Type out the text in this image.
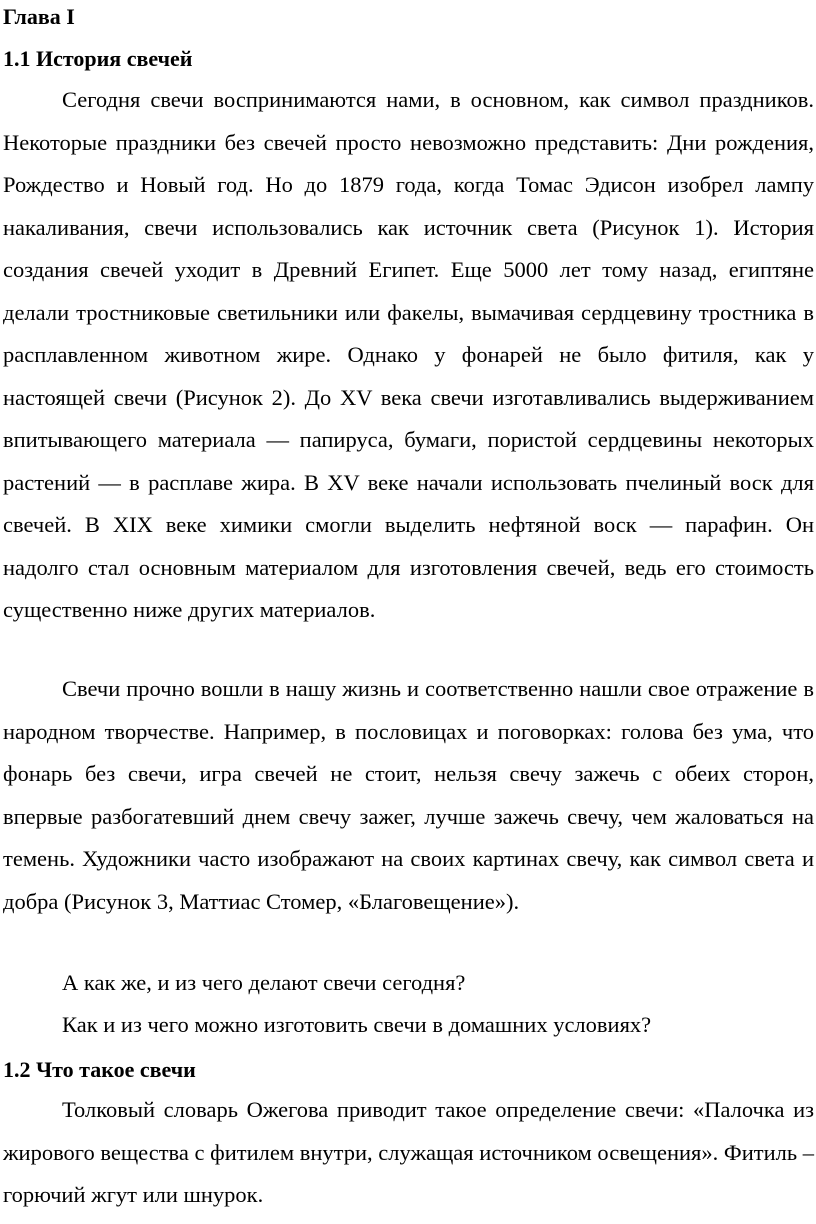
Глава I
1.1 История свечей

Сегодня свечи воспринимаются нами, в основном, как символ праздников. Некоторые праздники без свечей просто невозможно представить: Дни рождения, Рождество и Новый год. Но до 1879 года, когда Томас Эдисон изобрел лампу накаливания, свечи использовались как источник света (Рисунок 1). История создания свечей уходит в Древний Египет. Еще 5000 лет тому назад, египтяне делали тростниковые светильники или факелы, вымачивая сердцевину тростника в расплавленном животном жире. Однако у фонарей не было фитиля, как у настоящей свечи (Рисунок 2). До XV века свечи изготавливались выдерживанием впитывающего материала — папируса, бумаги, пористой сердцевины некоторых растений — в расплаве жира. В XV веке начали использовать пчелиный воск для свечей. В XIX веке химики смогли выделить нефтяной воск — парафин. Он надолго стал основным материалом для изготовления свечей, ведь его стоимость существенно ниже других материалов.

Свечи прочно вошли в нашу жизнь и соответственно нашли свое отражение в народном творчестве. Например, в пословицах и поговорках: голова без ума, что фонарь без свечи, игра свечей не стоит, нельзя свечу зажечь с обеих сторон, впервые разбогатевший днем свечу зажег, лучше зажечь свечу, чем жаловаться на темень. Художники часто изображают на своих картинах свечу, как символ света и добра (Рисунок 3, Маттиас Стомер, «Благовещение»).

А как же, и из чего делают свечи сегодня?

Как и из чего можно изготовить свечи в домашних условиях?

1.2 Что такое свечи

Толковый словарь Ожегова приводит такое определение свечи: «Палочка из жирового вещества с фитилем внутри, служащая источником освещения». Фитиль – горючий жгут или шнурок.
